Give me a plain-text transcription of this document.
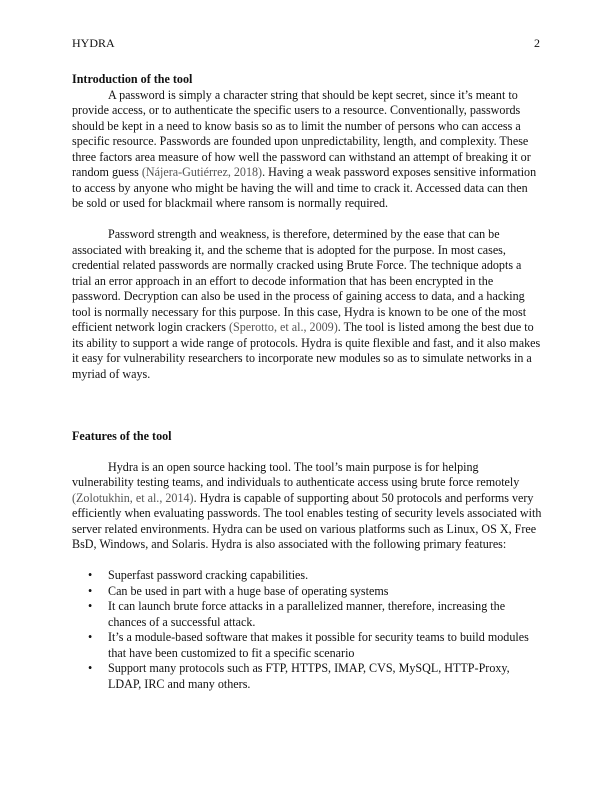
HYDRA	2
Introduction of the tool

A password is simply a character string that should be kept secret, since it’s meant to provide access, or to authenticate the specific users to a resource. Conventionally, passwords should be kept in a need to know basis so as to limit the number of persons who can access a specific resource. Passwords are founded upon unpredictability, length, and complexity. These three factors area measure of how well the password can withstand an attempt of breaking it or random guess (Nájera-Gutiérrez, 2018). Having a weak password exposes sensitive information to access by anyone who might be having the will and time to crack it. Accessed data can then be sold or used for blackmail where ransom is normally required.

Password strength and weakness, is therefore, determined by the ease that can be associated with breaking it, and the scheme that is adopted for the purpose. In most cases, credential related passwords are normally cracked using Brute Force. The technique adopts a trial an error approach in an effort to decode information that has been encrypted in the password. Decryption can also be used in the process of gaining access to data, and a hacking tool is normally necessary for this purpose. In this case, Hydra is known to be one of the most efficient network login crackers (Sperotto, et al., 2009). The tool is listed among the best due to its ability to support a wide range of protocols. Hydra is quite flexible and fast, and it also makes it easy for vulnerability researchers to incorporate new modules so as to simulate networks in a myriad of ways.

Features of the tool

Hydra is an open source hacking tool. The tool’s main purpose is for helping vulnerability testing teams, and individuals to authenticate access using brute force remotely (Zolotukhin, et al., 2014). Hydra is capable of supporting about 50 protocols and performs very efficiently when evaluating passwords. The tool enables testing of security levels associated with server related environments. Hydra can be used on various platforms such as Linux, OS X, Free BsD, Windows, and Solaris. Hydra is also associated with the following primary features:

• Superfast password cracking capabilities.
• Can be used in part with a huge base of operating systems
• It can launch brute force attacks in a parallelized manner, therefore, increasing the chances of a successful attack.
• It’s a module-based software that makes it possible for security teams to build modules that have been customized to fit a specific scenario
• Support many protocols such as FTP, HTTPS, IMAP, CVS, MySQL, HTTP-Proxy, LDAP, IRC and many others.
